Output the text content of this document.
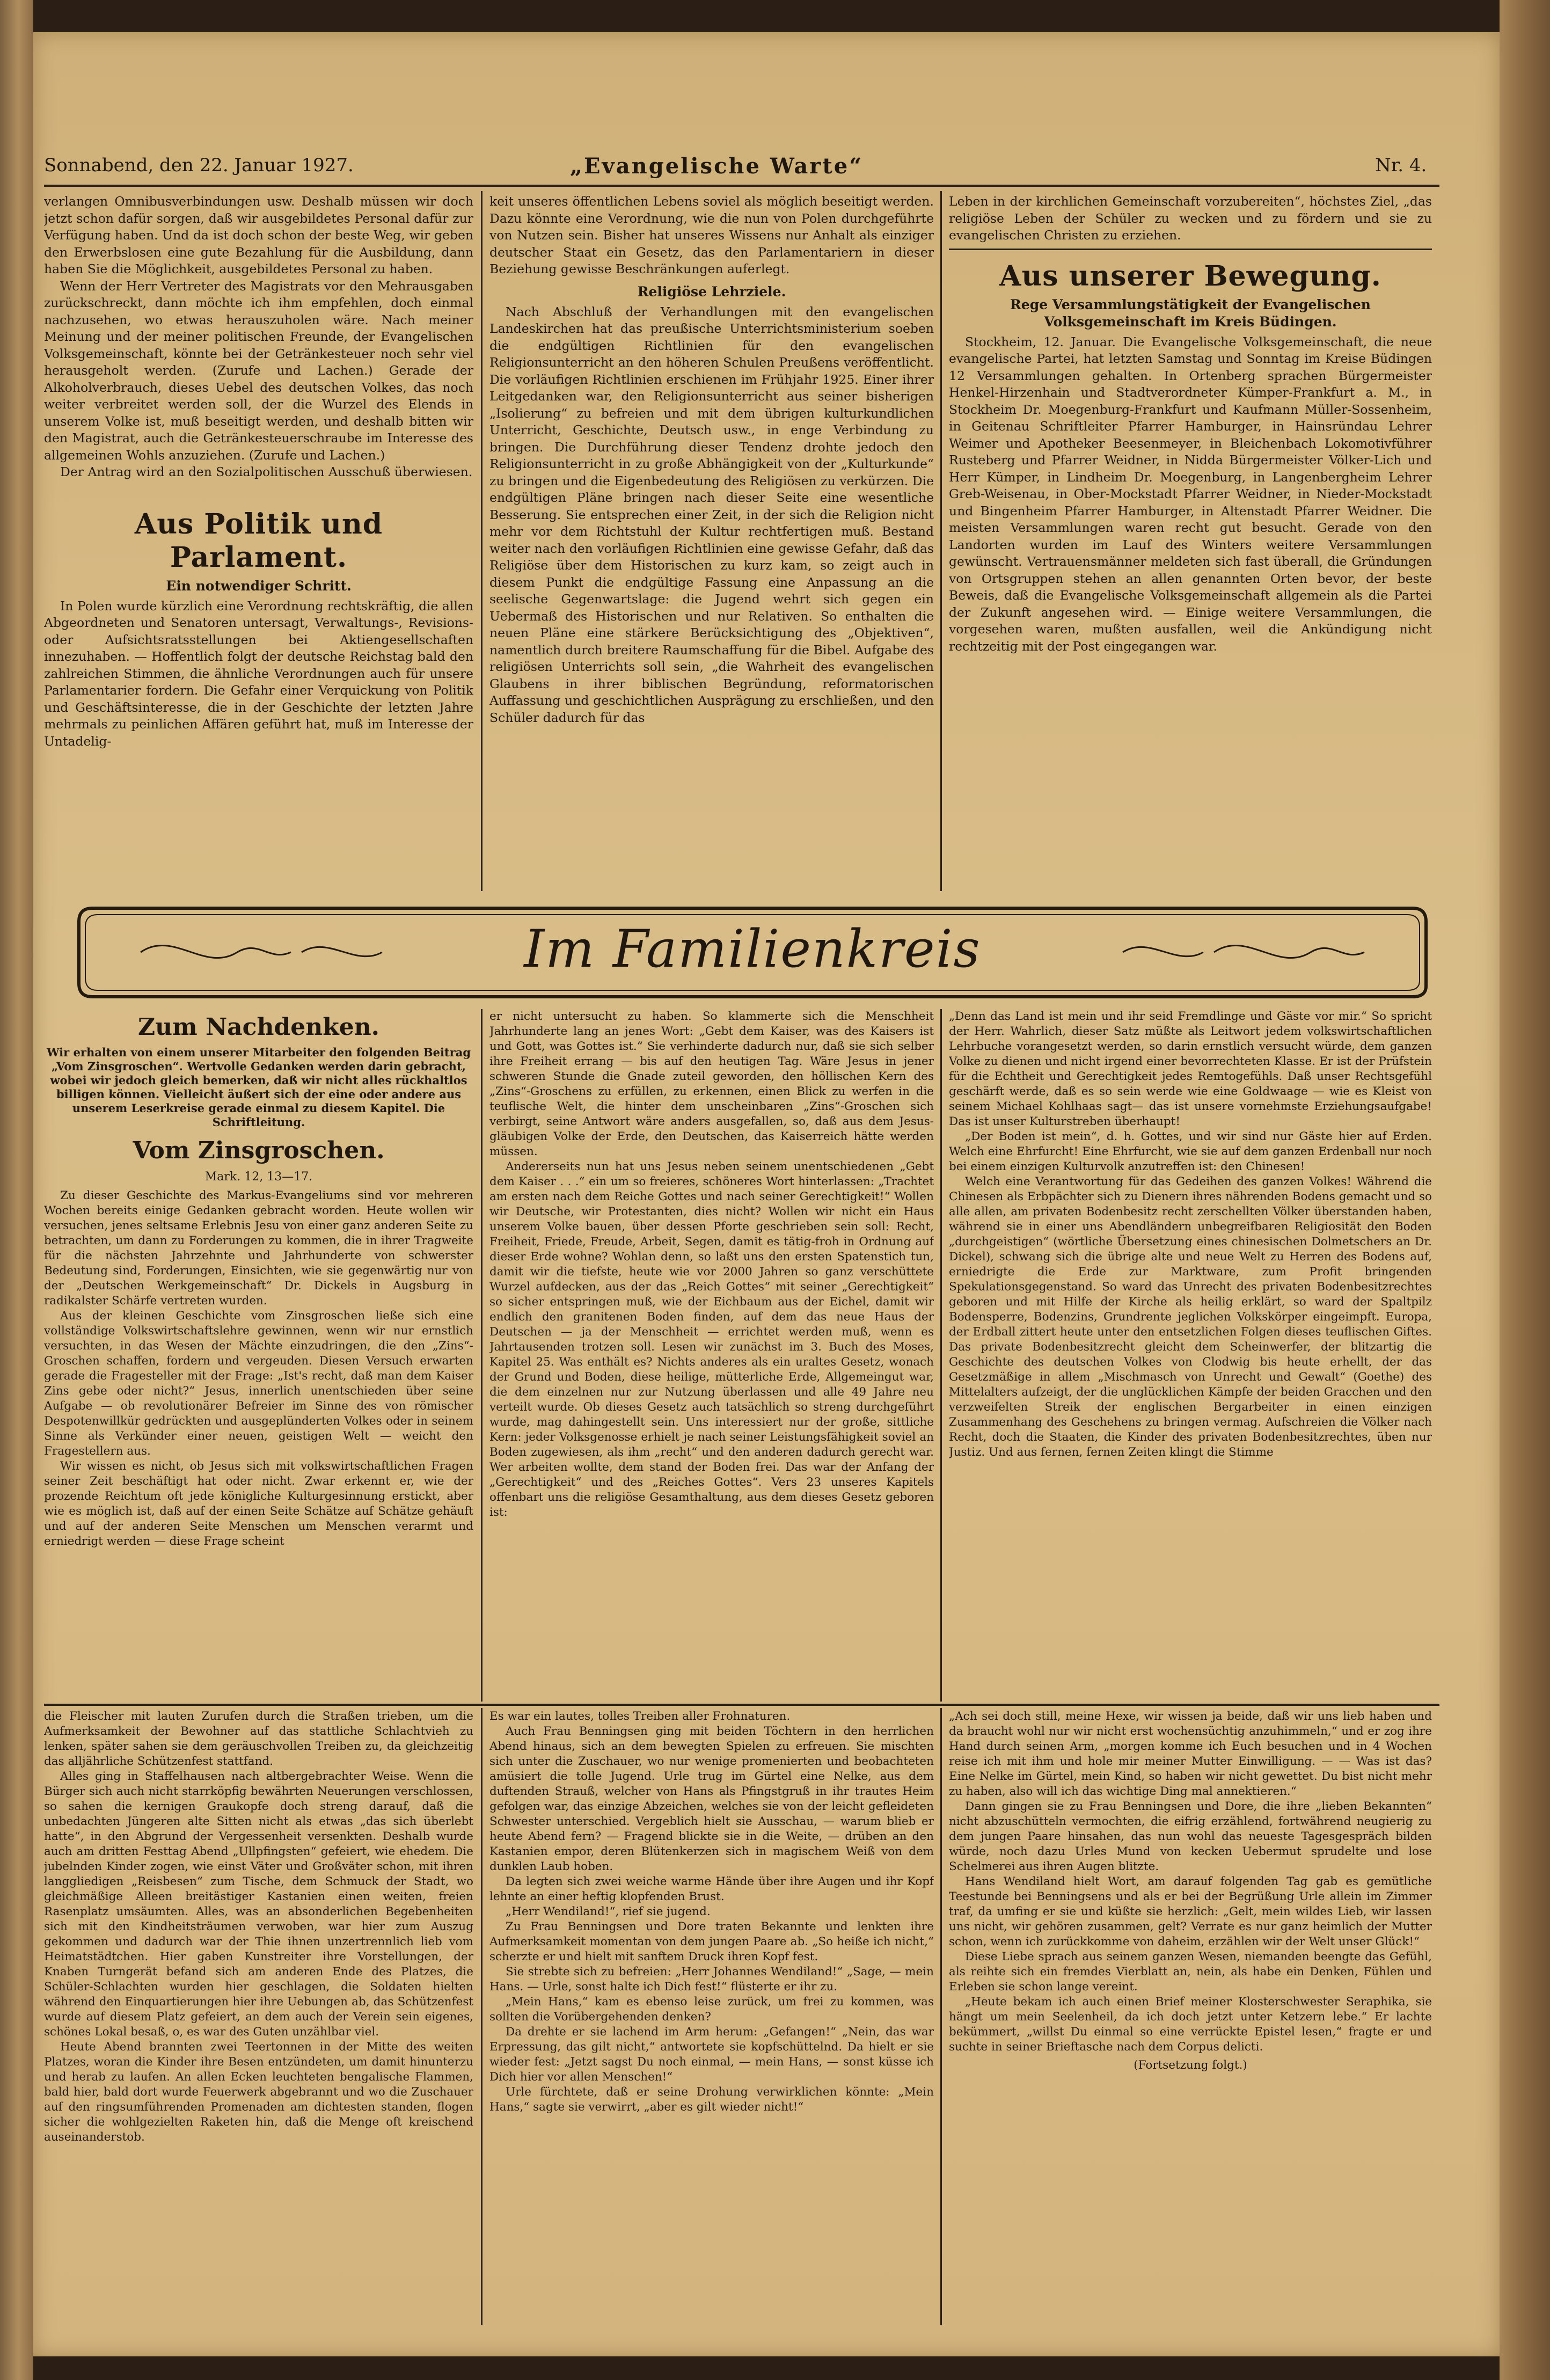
Sonnabend, den 22. Januar 1927.	„Evangelische Warte“	Nr. 4.

verlangen Omnibusverbindungen usw. Deshalb müssen wir doch jetzt schon dafür sorgen, daß wir ausgebildetes Personal dafür zur Verfügung haben. Und da ist doch schon der beste Weg, wir geben den Erwerbslosen eine gute Bezahlung für die Ausbildung, dann haben Sie die Möglichkeit, ausgebildetes Personal zu haben.

Wenn der Herr Vertreter des Magistrats vor den Mehrausgaben zurückschreckt, dann möchte ich ihm empfehlen, doch einmal nachzusehen, wo etwas herauszuholen wäre. Nach meiner Meinung und der meiner politischen Freunde, der Evangelischen Volksgemeinschaft, könnte bei der Getränkesteuer noch sehr viel herausgeholt werden. (Zurufe und Lachen.) Gerade der Alkoholverbrauch, dieses Uebel des deutschen Volkes, das noch weiter verbreitet werden soll, der die Wurzel des Elends in unserem Volke ist, muß beseitigt werden, und deshalb bitten wir den Magistrat, auch die Getränkesteuerschraube im Interesse des allgemeinen Wohls anzuziehen. (Zurufe und Lachen.)

Der Antrag wird an den Sozialpolitischen Ausschuß überwiesen.

Aus Politik und Parlament.
Ein notwendiger Schritt.

In Polen wurde kürzlich eine Verordnung rechtskräftig, die allen Abgeordneten und Senatoren untersagt, Verwaltungs-, Revisions- oder Aufsichtsratsstellungen bei Aktiengesellschaften innezuhaben. — Hoffentlich folgt der deutsche Reichstag bald den zahlreichen Stimmen, die ähnliche Verordnungen auch für unsere Parlamentarier fordern. Die Gefahr einer Verquickung von Politik und Geschäftsinteresse, die in der Geschichte der letzten Jahre mehrmals zu peinlichen Affären geführt hat, muß im Interesse der Untadelig-

keit unseres öffentlichen Lebens soviel als möglich beseitigt werden. Dazu könnte eine Verordnung, wie die nun von Polen durchgeführte von Nutzen sein. Bisher hat unseres Wissens nur Anhalt als einziger deutscher Staat ein Gesetz, das den Parlamentariern in dieser Beziehung gewisse Beschränkungen auferlegt.

Religiöse Lehrziele.

Nach Abschluß der Verhandlungen mit den evangelischen Landeskirchen hat das preußische Unterrichtsministerium soeben die endgültigen Richtlinien für den evangelischen Religionsunterricht an den höheren Schulen Preußens veröffentlicht. Die vorläufigen Richtlinien erschienen im Frühjahr 1925. Einer ihrer Leitgedanken war, den Religionsunterricht aus seiner bisherigen „Isolierung“ zu befreien und mit dem übrigen kulturkundlichen Unterricht, Geschichte, Deutsch usw., in enge Verbindung zu bringen. Die Durchführung dieser Tendenz drohte jedoch den Religionsunterricht in zu große Abhängigkeit von der „Kulturkunde“ zu bringen und die Eigenbedeutung des Religiösen zu verkürzen. Die endgültigen Pläne bringen nach dieser Seite eine wesentliche Besserung. Sie entsprechen einer Zeit, in der sich die Religion nicht mehr vor dem Richtstuhl der Kultur rechtfertigen muß. Bestand weiter nach den vorläufigen Richtlinien eine gewisse Gefahr, daß das Religiöse über dem Historischen zu kurz kam, so zeigt auch in diesem Punkt die endgültige Fassung eine Anpassung an die seelische Gegenwartslage: die Jugend wehrt sich gegen ein Uebermaß des Historischen und nur Relativen. So enthalten die neuen Pläne eine stärkere Berücksichtigung des „Objektiven“, namentlich durch breitere Raumschaffung für die Bibel. Aufgabe des religiösen Unterrichts soll sein, „die Wahrheit des evangelischen Glaubens in ihrer biblischen Begründung, reformatorischen Auffassung und geschichtlichen Ausprägung zu erschließen, und den Schüler dadurch für das

Leben in der kirchlichen Gemeinschaft vorzubereiten“, höchstes Ziel, „das religiöse Leben der Schüler zu wecken und zu fördern und sie zu evangelischen Christen zu erziehen.

Aus unserer Bewegung.
Rege Versammlungstätigkeit der Evangelischen Volksgemeinschaft im Kreis Büdingen.

Stockheim, 12. Januar. Die Evangelische Volksgemeinschaft, die neue evangelische Partei, hat letzten Samstag und Sonntag im Kreise Büdingen 12 Versammlungen gehalten. In Ortenberg sprachen Bürgermeister Henkel-Hirzenhain und Stadtverordneter Kümper-Frankfurt a. M., in Stockheim Dr. Moegenburg-Frankfurt und Kaufmann Müller-Sossenheim, in Geitenau Schriftleiter Pfarrer Hamburger, in Hainsründau Lehrer Weimer und Apotheker Beesenmeyer, in Bleichenbach Lokomotivführer Rusteberg und Pfarrer Weidner, in Nidda Bürgermeister Völker-Lich und Herr Kümper, in Lindheim Dr. Moegenburg, in Langenbergheim Lehrer Greb-Weisenau, in Ober-Mockstadt Pfarrer Weidner, in Nieder-Mockstadt und Bingenheim Pfarrer Hamburger, in Altenstadt Pfarrer Weidner. Die meisten Versammlungen waren recht gut besucht. Gerade von den Landorten wurden im Lauf des Winters weitere Versammlungen gewünscht. Vertrauensmänner meldeten sich fast überall, die Gründungen von Ortsgruppen stehen an allen genannten Orten bevor, der beste Beweis, daß die Evangelische Volksgemeinschaft allgemein als die Partei der Zukunft angesehen wird. — Einige weitere Versammlungen, die vorgesehen waren, mußten ausfallen, weil die Ankündigung nicht rechtzeitig mit der Post eingegangen war.

Im Familienkreis
Zum Nachdenken.

Wir erhalten von einem unserer Mitarbeiter den folgenden Beitrag „Vom Zinsgroschen“. Wertvolle Gedanken werden darin gebracht, wobei wir jedoch gleich bemerken, daß wir nicht alles rückhaltlos billigen können. Vielleicht äußert sich der eine oder andere aus unserem Leserkreise gerade einmal zu diesem Kapitel. Die Schriftleitung.

Vom Zinsgroschen.
Mark. 12, 13—17.

Zu dieser Geschichte des Markus-Evangeliums sind vor mehreren Wochen bereits einige Gedanken gebracht worden. Heute wollen wir versuchen, jenes seltsame Erlebnis Jesu von einer ganz anderen Seite zu betrachten, um dann zu Forderungen zu kommen, die in ihrer Tragweite für die nächsten Jahrzehnte und Jahrhunderte von schwerster Bedeutung sind, Forderungen, Einsichten, wie sie gegenwärtig nur von der „Deutschen Werkgemeinschaft“ Dr. Dickels in Augsburg in radikalster Schärfe vertreten wurden.

Aus der kleinen Geschichte vom Zinsgroschen ließe sich eine vollständige Volkswirtschaftslehre gewinnen, wenn wir nur ernstlich versuchten, in das Wesen der Mächte einzudringen, die den „Zins“-Groschen schaffen, fordern und vergeuden. Diesen Versuch erwarten gerade die Fragesteller mit der Frage: „Ist's recht, daß man dem Kaiser Zins gebe oder nicht?“ Jesus, innerlich unentschieden über seine Aufgabe — ob revolutionärer Befreier im Sinne des von römischer Despotenwillkür gedrückten und ausgeplünderten Volkes oder in seinem Sinne als Verkünder einer neuen, geistigen Welt — weicht den Fragestellern aus.

Wir wissen es nicht, ob Jesus sich mit volkswirtschaftlichen Fragen seiner Zeit beschäftigt hat oder nicht. Zwar erkennt er, wie der prozende Reichtum oft jede königliche Kulturgesinnung erstickt, aber wie es möglich ist, daß auf der einen Seite Schätze auf Schätze gehäuft und auf der anderen Seite Menschen um Menschen verarmt und erniedrigt werden — diese Frage scheint

er nicht untersucht zu haben. So klammerte sich die Menschheit Jahrhunderte lang an jenes Wort: „Gebt dem Kaiser, was des Kaisers ist und Gott, was Gottes ist.“ Sie verhinderte dadurch nur, daß sie sich selber ihre Freiheit errang — bis auf den heutigen Tag. Wäre Jesus in jener schweren Stunde die Gnade zuteil geworden, den höllischen Kern des „Zins“-Groschens zu erfüllen, zu erkennen, einen Blick zu werfen in die teuflische Welt, die hinter dem unscheinbaren „Zins“-Groschen sich verbirgt, seine Antwort wäre anders ausgefallen, so, daß aus dem Jesus-gläubigen Volke der Erde, den Deutschen, das Kaiserreich hätte werden müssen.

Andererseits nun hat uns Jesus neben seinem unentschiedenen „Gebt dem Kaiser . . .“ ein um so freieres, schöneres Wort hinterlassen: „Trachtet am ersten nach dem Reiche Gottes und nach seiner Gerechtigkeit!“ Wollen wir Deutsche, wir Protestanten, dies nicht? Wollen wir nicht ein Haus unserem Volke bauen, über dessen Pforte geschrieben sein soll: Recht, Freiheit, Friede, Freude, Arbeit, Segen, damit es tätig-froh in Ordnung auf dieser Erde wohne? Wohlan denn, so laßt uns den ersten Spatenstich tun, damit wir die tiefste, heute wie vor 2000 Jahren so ganz verschüttete Wurzel aufdecken, aus der das „Reich Gottes“ mit seiner „Gerechtigkeit“ so sicher entspringen muß, wie der Eichbaum aus der Eichel, damit wir endlich den granitenen Boden finden, auf dem das neue Haus der Deutschen — ja der Menschheit — errichtet werden muß, wenn es Jahrtausenden trotzen soll. Lesen wir zunächst im 3. Buch des Moses, Kapitel 25. Was enthält es? Nichts anderes als ein uraltes Gesetz, wonach der Grund und Boden, diese heilige, mütterliche Erde, Allgemeingut war, die dem einzelnen nur zur Nutzung überlassen und alle 49 Jahre neu verteilt wurde. Ob dieses Gesetz auch tatsächlich so streng durchgeführt wurde, mag dahingestellt sein. Uns interessiert nur der große, sittliche Kern: jeder Volksgenosse erhielt je nach seiner Leistungsfähigkeit soviel an Boden zugewiesen, als ihm „recht“ und den anderen dadurch gerecht war. Wer arbeiten wollte, dem stand der Boden frei. Das war der Anfang der „Gerechtigkeit“ und des „Reiches Gottes“. Vers 23 unseres Kapitels offenbart uns die religiöse Gesamthaltung, aus dem dieses Gesetz geboren ist:

„Denn das Land ist mein und ihr seid Fremdlinge und Gäste vor mir.“ So spricht der Herr. Wahrlich, dieser Satz müßte als Leitwort jedem volkswirtschaftlichen Lehrbuche vorangesetzt werden, so darin ernstlich versucht würde, dem ganzen Volke zu dienen und nicht irgend einer bevorrechteten Klasse. Er ist der Prüfstein für die Echtheit und Gerechtigkeit jedes Remtogefühls. Daß unser Rechtsgefühl geschärft werde, daß es so sein werde wie eine Goldwaage — wie es Kleist von seinem Michael Kohlhaas sagt— das ist unsere vornehmste Erziehungsaufgabe! Das ist unser Kulturstreben überhaupt!

„Der Boden ist mein“, d. h. Gottes, und wir sind nur Gäste hier auf Erden. Welch eine Ehrfurcht! Eine Ehrfurcht, wie sie auf dem ganzen Erdenball nur noch bei einem einzigen Kulturvolk anzutreffen ist: den Chinesen!

Welch eine Verantwortung für das Gedeihen des ganzen Volkes! Während die Chinesen als Erbpächter sich zu Dienern ihres nährenden Bodens gemacht und so alle allen, am privaten Bodenbesitz recht zerschellten Völker überstanden haben, während sie in einer uns Abendländern unbegreifbaren Religiosität den Boden „durchgeistigen“ (wörtliche Übersetzung eines chinesischen Dolmetschers an Dr. Dickel), schwang sich die übrige alte und neue Welt zu Herren des Bodens auf, erniedrigte die Erde zur Marktware, zum Profit bringenden Spekulationsgegenstand. So ward das Unrecht des privaten Bodenbesitzrechtes geboren und mit Hilfe der Kirche als heilig erklärt, so ward der Spaltpilz Bodensperre, Bodenzins, Grundrente jeglichen Volkskörper eingeimpft. Europa, der Erdball zittert heute unter den entsetzlichen Folgen dieses teuflischen Giftes. Das private Bodenbesitzrecht gleicht dem Scheinwerfer, der blitzartig die Geschichte des deutschen Volkes von Clodwig bis heute erhellt, der das Gesetzmäßige in allem „Mischmasch von Unrecht und Gewalt“ (Goethe) des Mittelalters aufzeigt, der die unglücklichen Kämpfe der beiden Gracchen und den verzweifelten Streik der englischen Bergarbeiter in einen einzigen Zusammenhang des Geschehens zu bringen vermag. Aufschreien die Völker nach Recht, doch die Staaten, die Kinder des privaten Bodenbesitzrechtes, üben nur Justiz. Und aus fernen, fernen Zeiten klingt die Stimme

die Fleischer mit lauten Zurufen durch die Straßen trieben, um die Aufmerksamkeit der Bewohner auf das stattliche Schlachtvieh zu lenken, später sahen sie dem geräuschvollen Treiben zu, da gleichzeitig das alljährliche Schützenfest stattfand.

Alles ging in Staffelhausen nach altbergebrachter Weise. Wenn die Bürger sich auch nicht starrköpfig bewährten Neuerungen verschlossen, so sahen die kernigen Graukopfe doch streng darauf, daß die unbedachten Jüngeren alte Sitten nicht als etwas „das sich überlebt hatte“, in den Abgrund der Vergessenheit versenkten. Deshalb wurde auch am dritten Festtag Abend „Ullpfingsten“ gefeiert, wie ehedem. Die jubelnden Kinder zogen, wie einst Väter und Großväter schon, mit ihren langgliedigen „Reisbesen“ zum Tische, dem Schmuck der Stadt, wo gleichmäßige Alleen breitästiger Kastanien einen weiten, freien Rasenplatz umsäumten. Alles, was an absonderlichen Begebenheiten sich mit den Kindheitsträumen verwoben, war hier zum Auszug gekommen und dadurch war der Thie ihnen unzertrennlich lieb vom Heimatstädtchen. Hier gaben Kunstreiter ihre Vorstellungen, der Knaben Turngerät befand sich am anderen Ende des Platzes, die Schüler-Schlachten wurden hier geschlagen, die Soldaten hielten während den Einquartierungen hier ihre Uebungen ab, das Schützenfest wurde auf diesem Platz gefeiert, an dem auch der Verein sein eigenes, schönes Lokal besaß, o, es war des Guten unzählbar viel.

Heute Abend brannten zwei Teertonnen in der Mitte des weiten Platzes, woran die Kinder ihre Besen entzündeten, um damit hinunterzu und herab zu laufen. An allen Ecken leuchteten bengalische Flammen, bald hier, bald dort wurde Feuerwerk abgebrannt und wo die Zuschauer auf den ringsumführenden Promenaden am dichtesten standen, flogen sicher die wohlgezielten Raketen hin, daß die Menge oft kreischend auseinanderstob.

Es war ein lautes, tolles Treiben aller Frohnaturen.

Auch Frau Benningsen ging mit beiden Töchtern in den herrlichen Abend hinaus, sich an dem bewegten Spielen zu erfreuen. Sie mischten sich unter die Zuschauer, wo nur wenige promenierten und beobachteten amüsiert die tolle Jugend. Urle trug im Gürtel eine Nelke, aus dem duftenden Strauß, welcher von Hans als Pfingstgruß in ihr trautes Heim gefolgen war, das einzige Abzeichen, welches sie von der leicht gefleideten Schwester unterschied. Vergeblich hielt sie Ausschau, — warum blieb er heute Abend fern? — Fragend blickte sie in die Weite, — drüben an den Kastanien empor, deren Blütenkerzen sich in magischem Weiß von dem dunklen Laub hoben.

Da legten sich zwei weiche warme Hände über ihre Augen und ihr Kopf lehnte an einer heftig klopfenden Brust.

„Herr Wendiland!“, rief sie jugend.

Zu Frau Benningsen und Dore traten Bekannte und lenkten ihre Aufmerksamkeit momentan von dem jungen Paare ab. „So heiße ich nicht,“ scherzte er und hielt mit sanftem Druck ihren Kopf fest.

Sie strebte sich zu befreien: „Herr Johannes Wendiland!“ „Sage, — mein Hans. — Urle, sonst halte ich Dich fest!“ flüsterte er ihr zu.

„Mein Hans,“ kam es ebenso leise zurück, um frei zu kommen, was sollten die Vorübergehenden denken?

Da drehte er sie lachend im Arm herum: „Gefangen!“ „Nein, das war Erpressung, das gilt nicht,“ antwortete sie kopfschüttelnd. Da hielt er sie wieder fest: „Jetzt sagst Du noch einmal, — mein Hans, — sonst küsse ich Dich hier vor allen Menschen!“

Urle fürchtete, daß er seine Drohung verwirklichen könnte: „Mein Hans,“ sagte sie verwirrt, „aber es gilt wieder nicht!“

„Ach sei doch still, meine Hexe, wir wissen ja beide, daß wir uns lieb haben und da braucht wohl nur wir nicht erst wochensüchtig anzuhimmeln,“ und er zog ihre Hand durch seinen Arm, „morgen komme ich Euch besuchen und in 4 Wochen reise ich mit ihm und hole mir meiner Mutter Einwilligung. — — Was ist das? Eine Nelke im Gürtel, mein Kind, so haben wir nicht gewettet. Du bist nicht mehr zu haben, also will ich das wichtige Ding mal annektieren.“

Dann gingen sie zu Frau Benningsen und Dore, die ihre „lieben Bekannten“ nicht abzuschütteln vermochten, die eifrig erzählend, fortwährend neugierig zu dem jungen Paare hinsahen, das nun wohl das neueste Tagesgespräch bilden würde, noch dazu Urles Mund von kecken Uebermut sprudelte und lose Schelmerei aus ihren Augen blitzte.

Hans Wendiland hielt Wort, am darauf folgenden Tag gab es gemütliche Teestunde bei Benningsens und als er bei der Begrüßung Urle allein im Zimmer traf, da umfing er sie und küßte sie herzlich: „Gelt, mein wildes Lieb, wir lassen uns nicht, wir gehören zusammen, gelt? Verrate es nur ganz heimlich der Mutter schon, wenn ich zurückkomme von daheim, erzählen wir der Welt unser Glück!“

Diese Liebe sprach aus seinem ganzen Wesen, niemanden beengte das Gefühl, als reihte sich ein fremdes Vierblatt an, nein, als habe ein Denken, Fühlen und Erleben sie schon lange vereint.

„Heute bekam ich auch einen Brief meiner Klosterschwester Seraphika, sie hängt um mein Seelenheil, da ich doch jetzt unter Ketzern lebe.“ Er lachte bekümmert, „willst Du einmal so eine verrückte Epistel lesen,“ fragte er und suchte in seiner Brieftasche nach dem Corpus delicti.

(Fortsetzung folgt.)
